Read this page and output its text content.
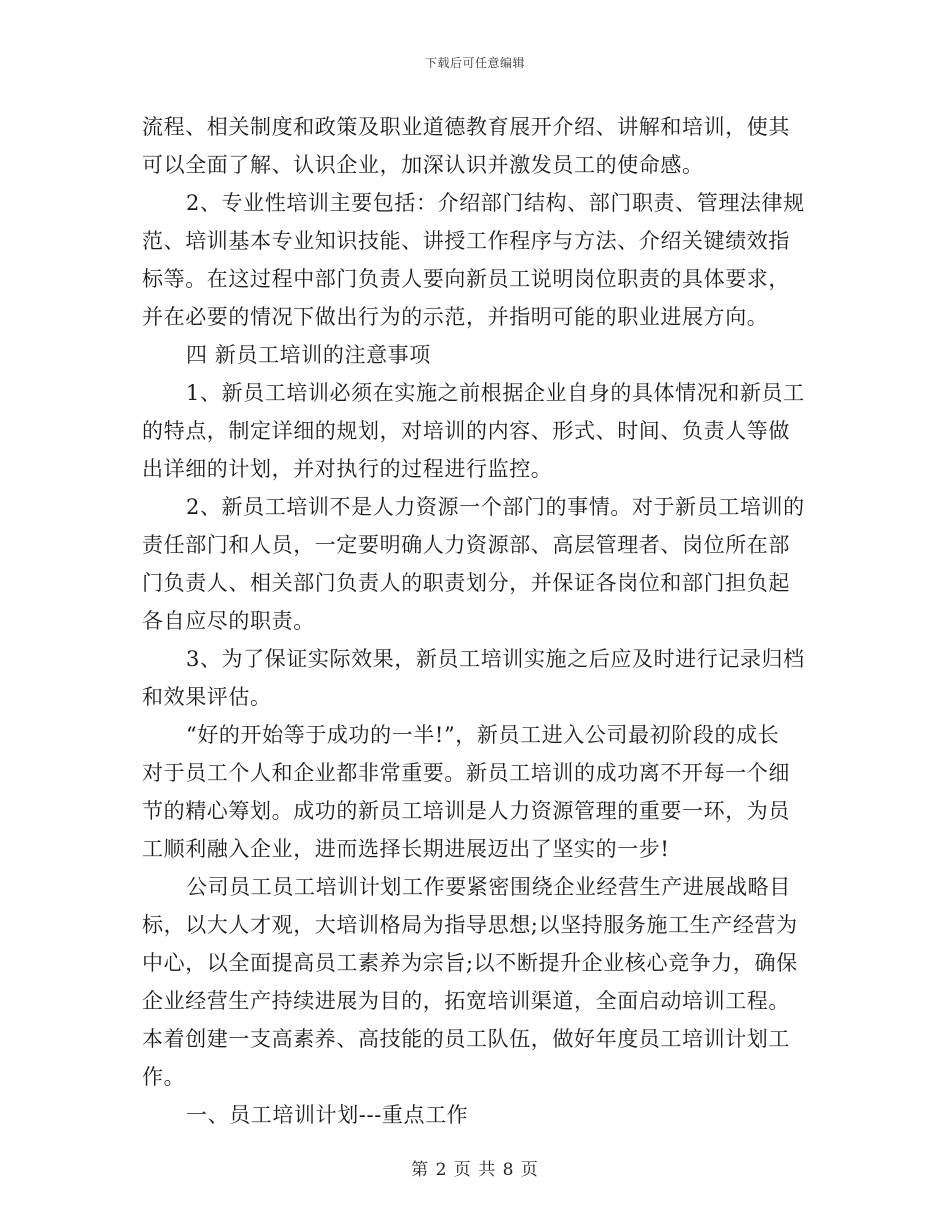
下载后可任意编辑
流程、相关制度和政策及职业道德教育展开介绍、讲解和培训，使其
可以全面了解、认识企业，加深认识并激发员工的使命感。
2、专业性培训主要包括：介绍部门结构、部门职责、管理法律规
范、培训基本专业知识技能、讲授工作程序与方法、介绍关键绩效指
标等。在这过程中部门负责人要向新员工说明岗位职责的具体要求，
并在必要的情况下做出行为的示范，并指明可能的职业进展方向。
四 新员工培训的注意事项
1、新员工培训必须在实施之前根据企业自身的具体情况和新员工
的特点，制定详细的规划，对培训的内容、形式、时间、负责人等做
出详细的计划，并对执行的过程进行监控。
2、新员工培训不是人力资源一个部门的事情。对于新员工培训的
责任部门和人员，一定要明确人力资源部、高层管理者、岗位所在部
门负责人、相关部门负责人的职责划分，并保证各岗位和部门担负起
各自应尽的职责。
3、为了保证实际效果，新员工培训实施之后应及时进行记录归档
和效果评估。
“好的开始等于成功的一半!”，新员工进入公司最初阶段的成长
对于员工个人和企业都非常重要。新员工培训的成功离不开每一个细
节的精心筹划。成功的新员工培训是人力资源管理的重要一环，为员
工顺利融入企业，进而选择长期进展迈出了坚实的一步!
公司员工员工培训计划工作要紧密围绕企业经营生产进展战略目
标，以大人才观，大培训格局为指导思想;以坚持服务施工生产经营为
中心，以全面提高员工素养为宗旨;以不断提升企业核心竞争力，确保
企业经营生产持续进展为目的，拓宽培训渠道，全面启动培训工程。
本着创建一支高素养、高技能的员工队伍，做好年度员工培训计划工
作。
一、员工培训计划---重点工作
第 2 页 共 8 页
